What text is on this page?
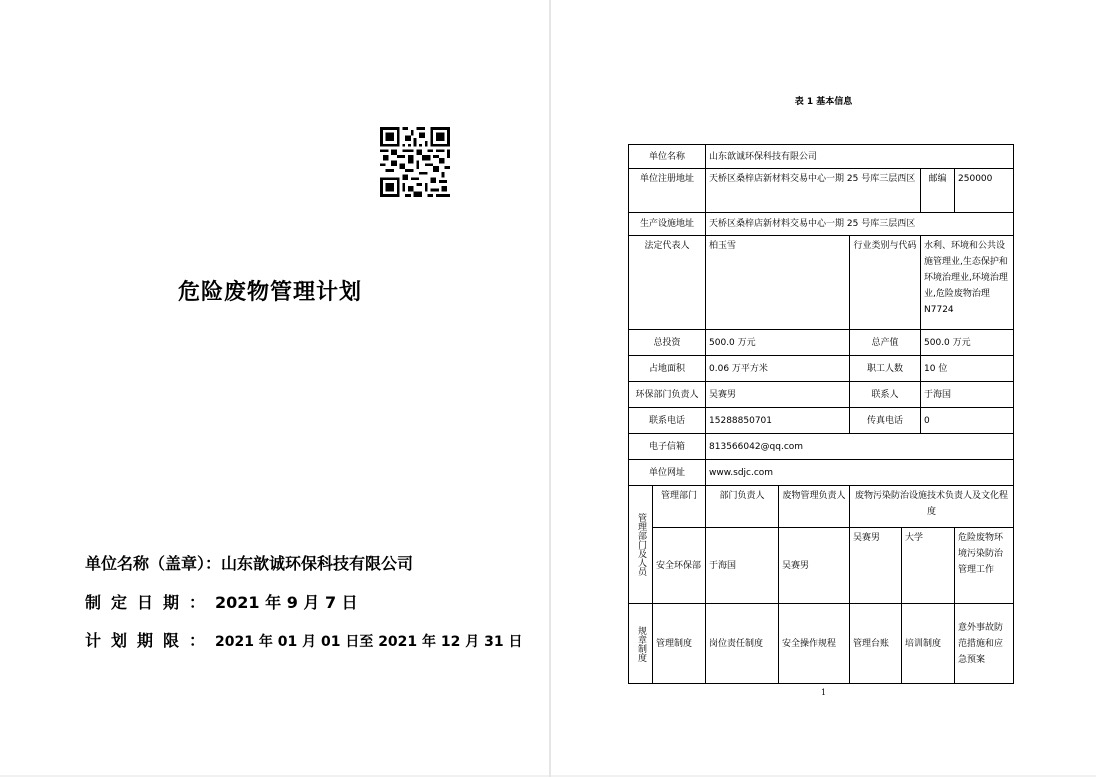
危险废物管理计划
单位名称（盖章）：山东歆诚环保科技有限公司
制定日期：2021 年 9 月 7 日
计划期限：2021 年 01 月 01 日至 2021 年 12 月 31 日
表 1 基本信息
单位名称		山东歆诚环保科技有限公司					
单位注册地址		天桥区桑梓店新材料交易中心一期 25 号库三层西区				邮编	250000
生产设施地址		天桥区桑梓店新材料交易中心一期 25 号库三层西区					
法定代表人		柏玉雪		行业类别与代码		水利、环境和公共设施管理业,生态保护和环境治理业,环境治理业,危险废物治理 N7724	
总投资		500.0 万元		总产值		500.0 万元	
占地面积		0.06 万平方米		职工人数		10 位	
环保部门负责人		吴赛男		联系人		于海国	
联系电话		15288850701		传真电话		0	
电子信箱		813566042@qq.com					
单位网址		www.sdjc.com					

管理部门及人员	管理部门	部门负责人	废物管理负责人	废物污染防治设施技术负责人及文化程度			
	安全环保部	于海国	吴赛男	吴赛男	大学		危险废物环境污染防治管理工作

规章制度	管理制度	岗位责任制度	安全操作规程	管理台账	培训制度		意外事故防范措施和应急预案
1
